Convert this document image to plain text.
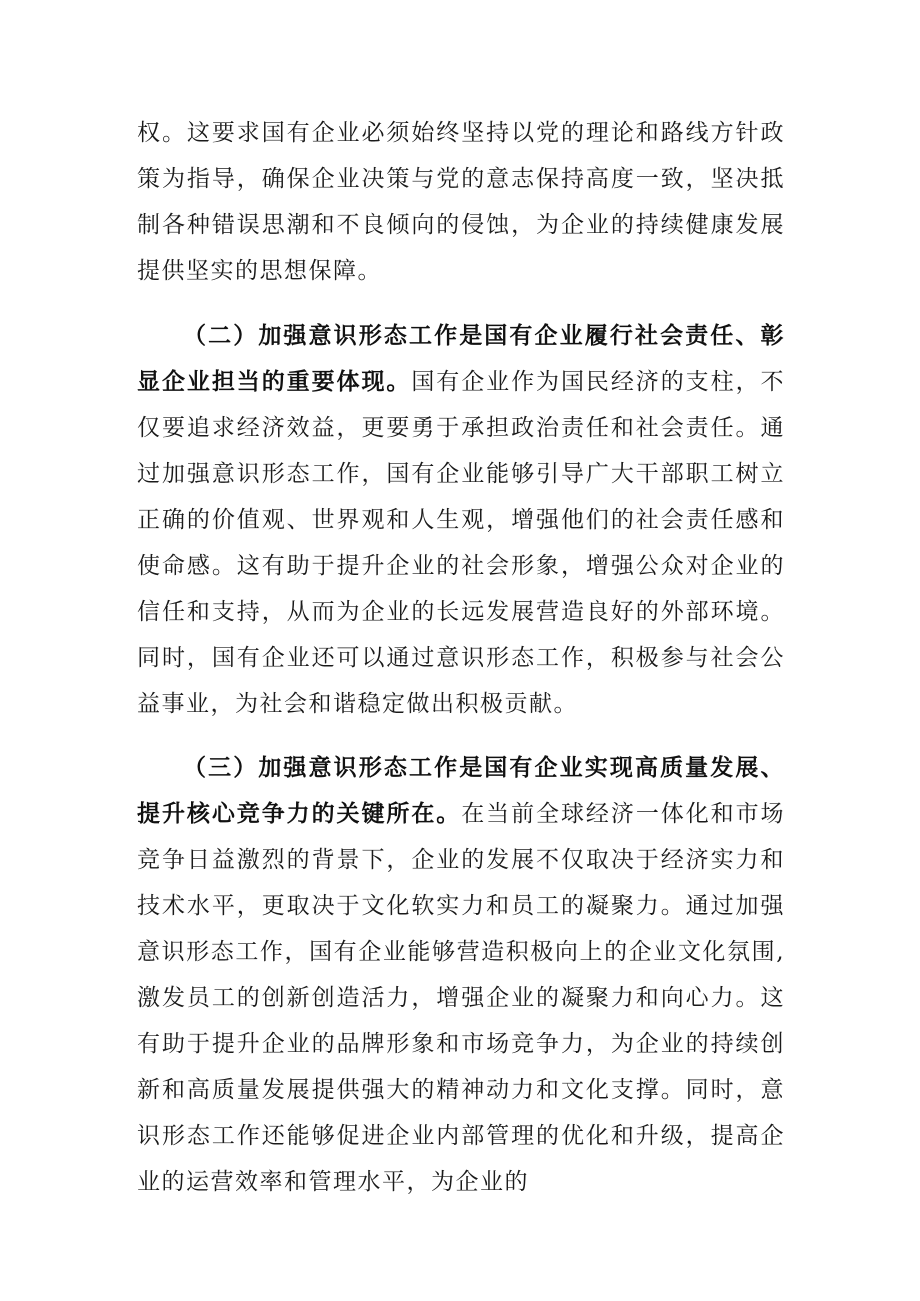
权。这要求国有企业必须始终坚持以党的理论和路线方针政策为指导，确保企业决策与党的意志保持高度一致，坚决抵制各种错误思潮和不良倾向的侵蚀，为企业的持续健康发展提供坚实的思想保障。

（二）加强意识形态工作是国有企业履行社会责任、彰显企业担当的重要体现。国有企业作为国民经济的支柱，不仅要追求经济效益，更要勇于承担政治责任和社会责任。通过加强意识形态工作，国有企业能够引导广大干部职工树立正确的价值观、世界观和人生观，增强他们的社会责任感和使命感。这有助于提升企业的社会形象，增强公众对企业的信任和支持，从而为企业的长远发展营造良好的外部环境。同时，国有企业还可以通过意识形态工作，积极参与社会公益事业，为社会和谐稳定做出积极贡献。

（三）加强意识形态工作是国有企业实现高质量发展、提升核心竞争力的关键所在。在当前全球经济一体化和市场竞争日益激烈的背景下，企业的发展不仅取决于经济实力和技术水平，更取决于文化软实力和员工的凝聚力。通过加强意识形态工作，国有企业能够营造积极向上的企业文化氛围,激发员工的创新创造活力，增强企业的凝聚力和向心力。这有助于提升企业的品牌形象和市场竞争力，为企业的持续创新和高质量发展提供强大的精神动力和文化支撑。同时，意识形态工作还能够促进企业内部管理的优化和升级，提高企业的运营效率和管理水平，为企业的
